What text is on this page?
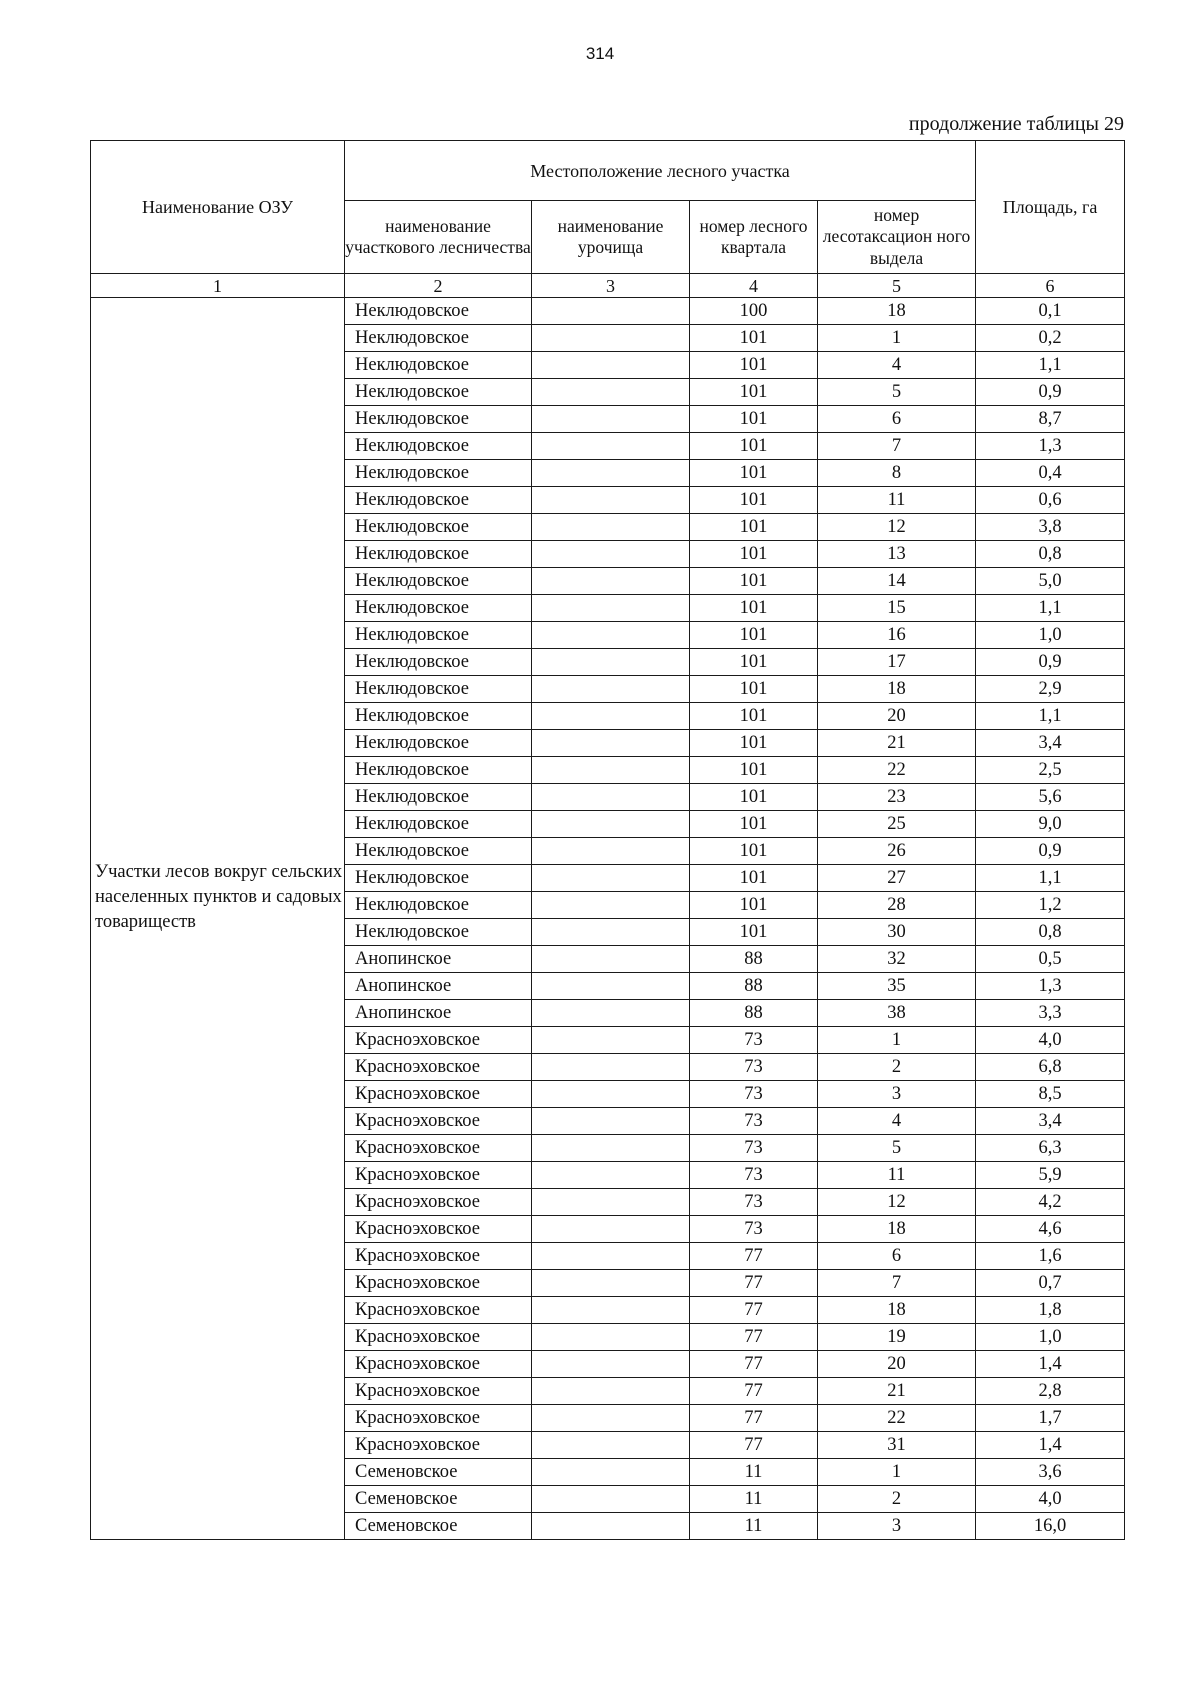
314
продолжение таблицы 29
Наименование ОЗУ	Местоположение лесного участка				Площадь, га
	наименование участкового лесничества	наименование урочища	номер лесного квартала	номер лесотаксацион ного выдела	
1	2	3	4	5	6
Участки лесов вокруг сельских населенных пунктов и садовых товариществ	Неклюдовское		100	18	0,1
	Неклюдовское		101	1	0,2
	Неклюдовское		101	4	1,1
	Неклюдовское		101	5	0,9
	Неклюдовское		101	6	8,7
	Неклюдовское		101	7	1,3
	Неклюдовское		101	8	0,4
	Неклюдовское		101	11	0,6
	Неклюдовское		101	12	3,8
	Неклюдовское		101	13	0,8
	Неклюдовское		101	14	5,0
	Неклюдовское		101	15	1,1
	Неклюдовское		101	16	1,0
	Неклюдовское		101	17	0,9
	Неклюдовское		101	18	2,9
	Неклюдовское		101	20	1,1
	Неклюдовское		101	21	3,4
	Неклюдовское		101	22	2,5
	Неклюдовское		101	23	5,6
	Неклюдовское		101	25	9,0
	Неклюдовское		101	26	0,9
	Неклюдовское		101	27	1,1
	Неклюдовское		101	28	1,2
	Неклюдовское		101	30	0,8
	Анопинское		88	32	0,5
	Анопинское		88	35	1,3
	Анопинское		88	38	3,3
	Красноэховское		73	1	4,0
	Красноэховское		73	2	6,8
	Красноэховское		73	3	8,5
	Красноэховское		73	4	3,4
	Красноэховское		73	5	6,3
	Красноэховское		73	11	5,9
	Красноэховское		73	12	4,2
	Красноэховское		73	18	4,6
	Красноэховское		77	6	1,6
	Красноэховское		77	7	0,7
	Красноэховское		77	18	1,8
	Красноэховское		77	19	1,0
	Красноэховское		77	20	1,4
	Красноэховское		77	21	2,8
	Красноэховское		77	22	1,7
	Красноэховское		77	31	1,4
	Семеновское		11	1	3,6
	Семеновское		11	2	4,0
	Семеновское		11	3	16,0
